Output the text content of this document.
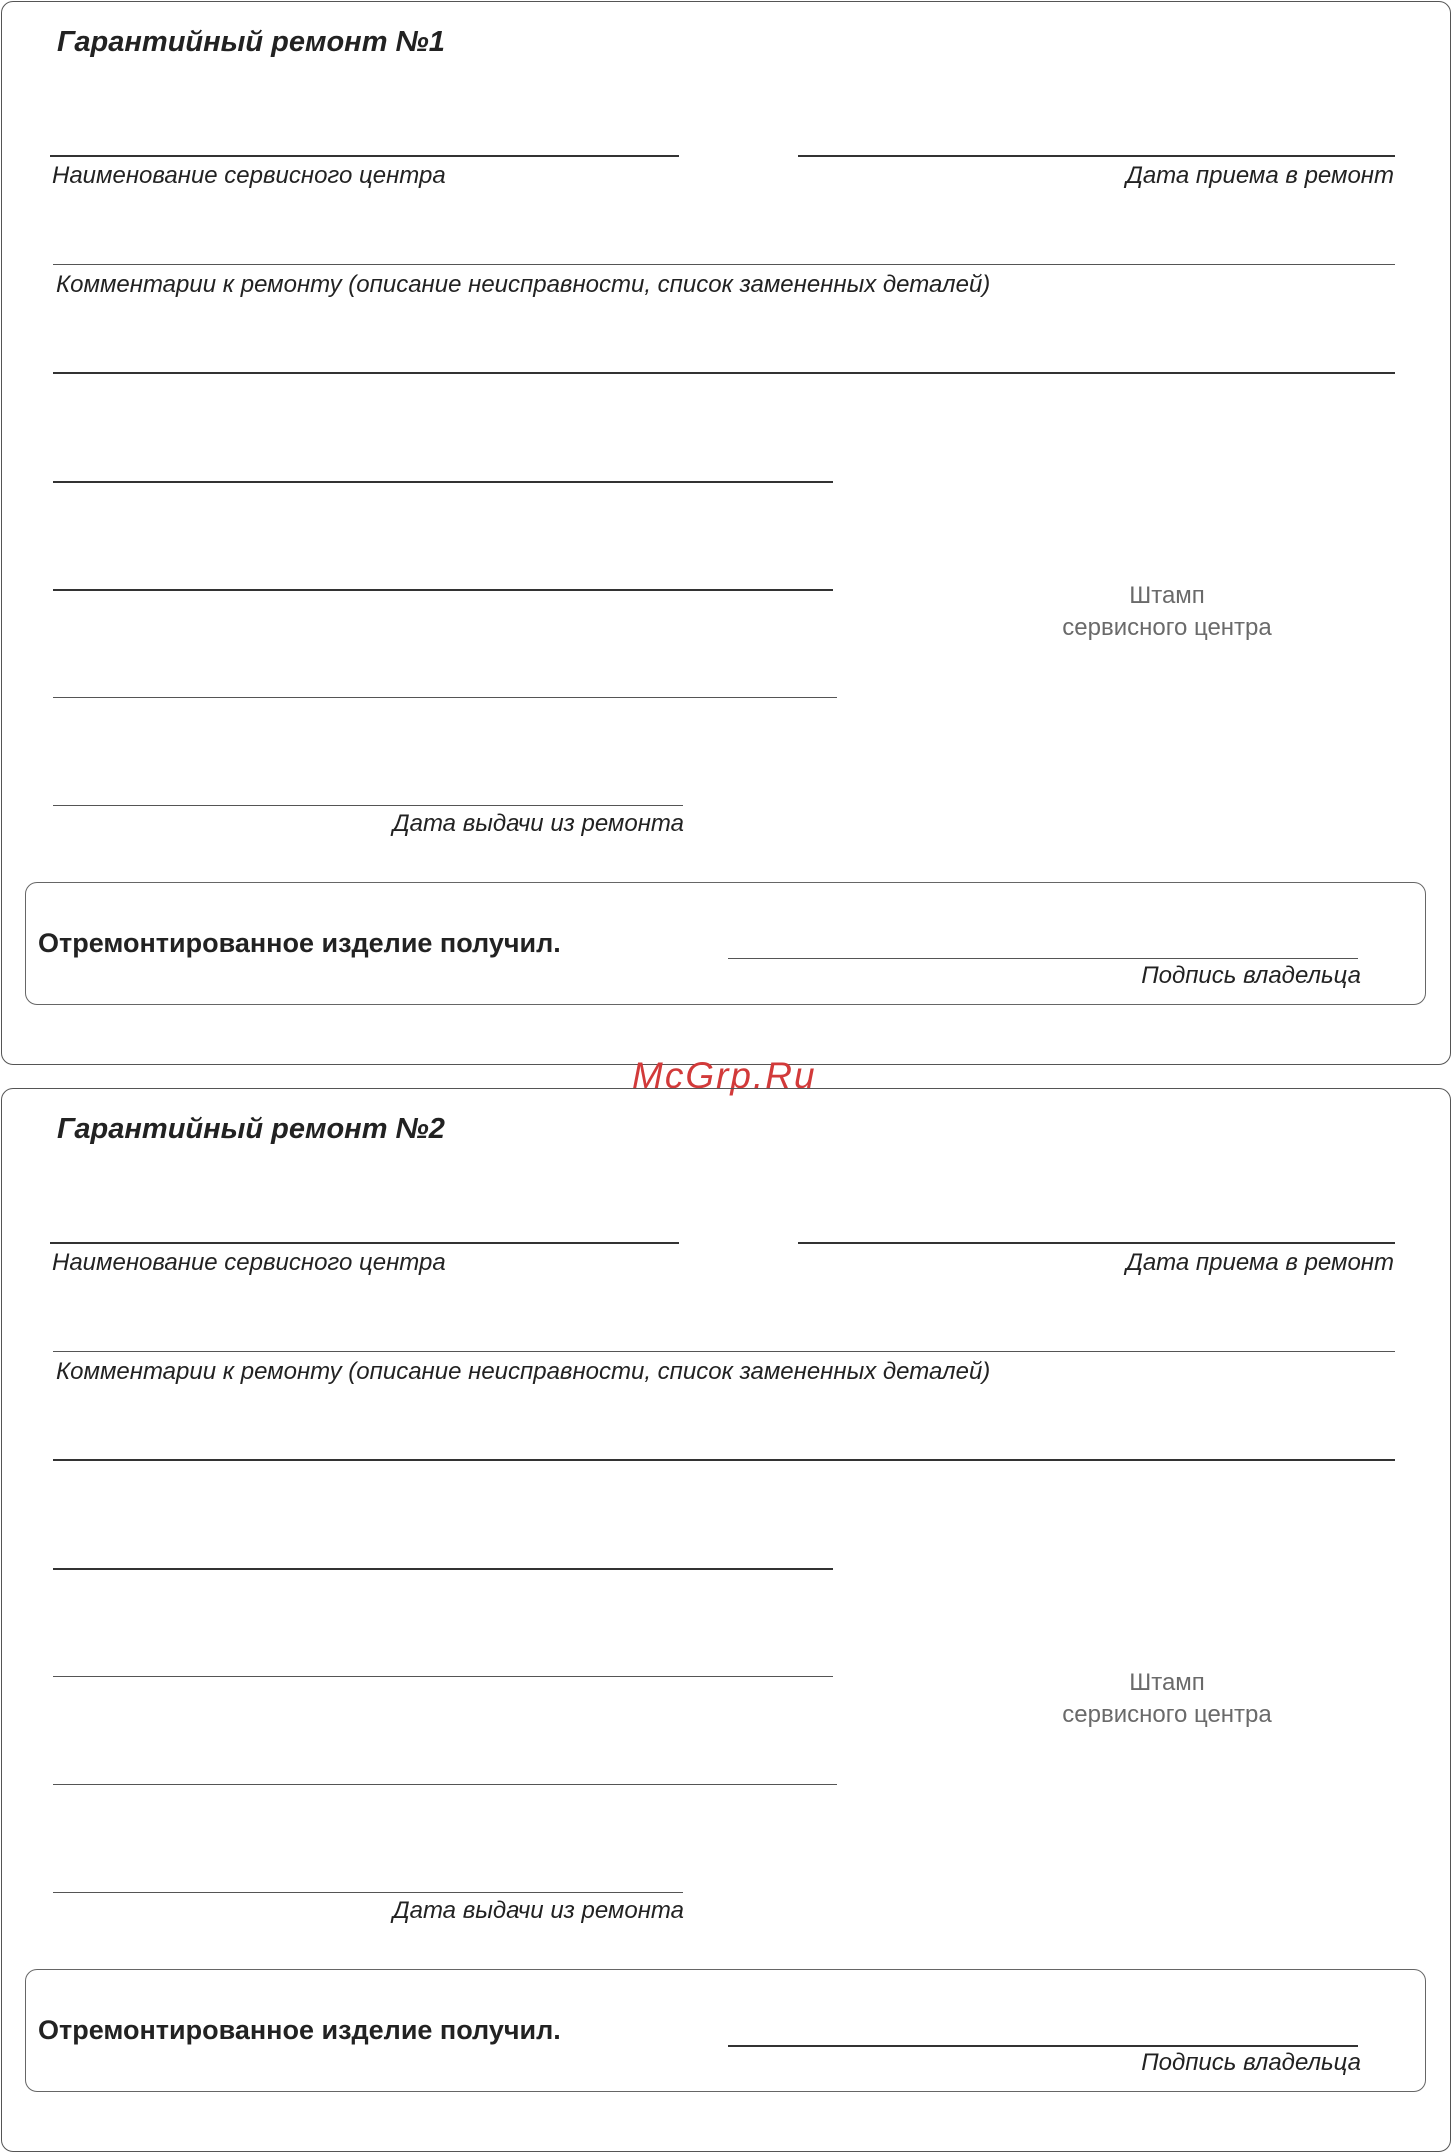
Гарантийный ремонт №1
Наименование сервисного центра	Дата приема в ремонт
Комментарии к ремонту (описание неисправности, список замененных деталей)
Штамп
сервисного центра
Дата выдачи из ремонта
Отремонтированное изделие получил.
Подпись владельца
McGrp.Ru
Гарантийный ремонт №2
Наименование сервисного центра	Дата приема в ремонт
Комментарии к ремонту (описание неисправности, список замененных деталей)
Штамп
сервисного центра
Дата выдачи из ремонта
Отремонтированное изделие получил.
Подпись владельца
